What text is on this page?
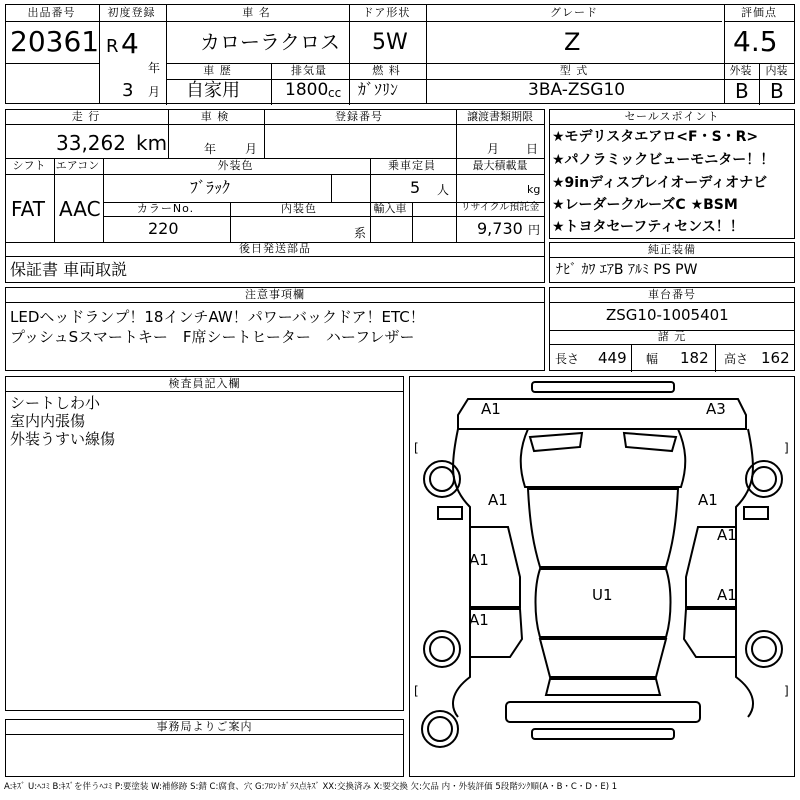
出品番号
20361
初度登録
R 4
年
3 月
車 名
カローラクロス
ドア形状
5W
グレード
Z
評価点
4.5
車 歴
自家用
排気量
1800 cc
燃 料
ｶﾞｿﾘﾝ
型 式
3BA-ZSG10
外装	内装
B B
走 行
33,262 km
車 検
年 月
登録番号	譲渡書類期限
月 日
シフト
FAT
エアコン
AAC
外装色
ﾌﾞﾗｯｸ
乗車定員
5 人
最大積載量
kg
カラーNo.
220
内装色
系
輸入車	リサイクル預託金
9,730 円
後日発送部品
保証書 車両取説
セールスポイント
★モデリスタエアロ<F・S・R>
★パノラミックビューモニター！！
★9inディスプレイオーディオナビ
★レーダークルーズC ★BSM
★トヨタセーフティセンス！！
純正装備
ﾅﾋﾞ ｶﾜ ｴｱB ｱﾙﾐ PS PW
注意事項欄
LEDヘッドランプ！18インチAW！パワーバックドア！ETC！
プッシュSスマートキー　F席シートヒーター　ハーフレザー
車台番号
ZSG10-1005401
諸 元
長さ 449 幅 182 高さ 162
検査員記入欄
シートしわ小
室内内張傷
外装うすい線傷
事務局よりご案内
[	]
[	]
A1	A3
A1	A1
A1
A1
A1
A1
U1
A:ｷｽﾞ U:ﾍｺﾐ B:ｷｽﾞを伴うﾍｺﾐ P:要塗装 W:補修跡 S:錆 C:腐食、穴 G:ﾌﾛﾝﾄｶﾞﾗｽ点ｷｽﾞ XX:交換済み X:要交換 欠:欠品 内・外装評価 5段階ﾗﾝｸ順(A・B・C・D・E) 1
